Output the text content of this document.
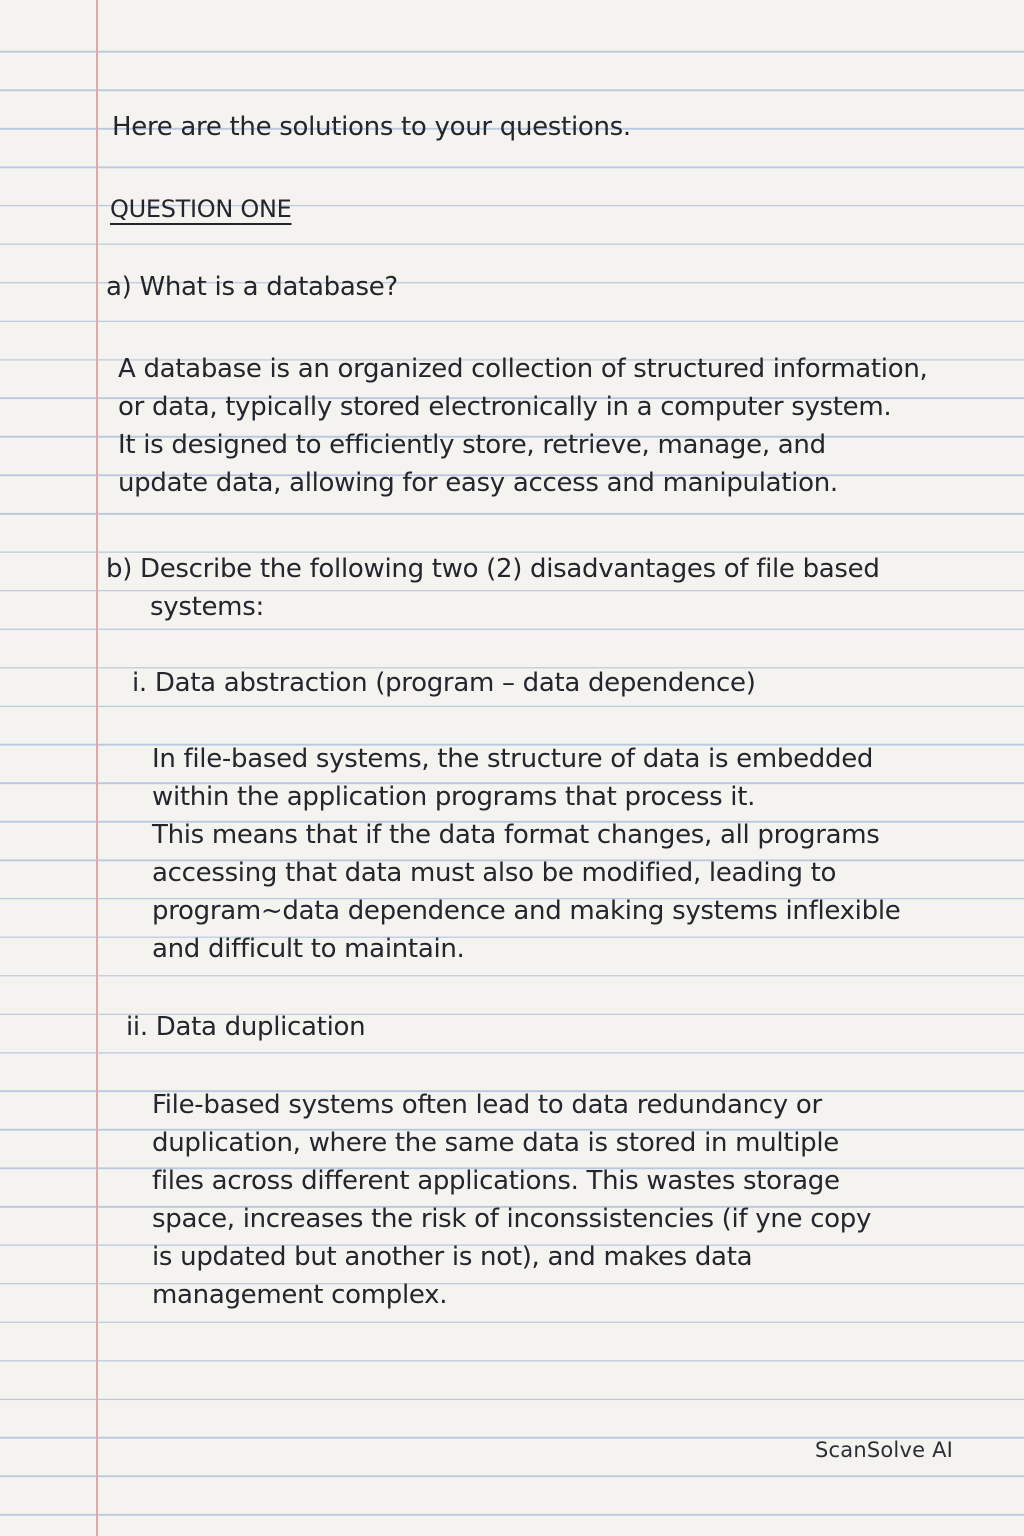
Here are the solutions to your questions.

QUESTION ONE

a) What is a database?

A database is an organized collection of structured information,
or data, typically stored electronically in a computer system.
It is designed to efficiently store, retrieve, manage, and
update data, allowing for easy access and manipulation.

b) Describe the following two (2) disadvantages of file based

systems:

i. Data abstraction (program – data dependence)

In file-based systems, the structure of data is embedded
within the application programs that process it.
This means that if the data format changes, all programs
accessing that data must also be modified, leading to
program~data dependence and making systems inflexible
and difficult to maintain.

ii. Data duplication

File-based systems often lead to data redundancy or
duplication, where the same data is stored in multiple
files across different applications. This wastes storage
space, increases the risk of inconssistencies (if yne copy
is updated but another is not), and makes data
management complex.

ScanSolve AI
